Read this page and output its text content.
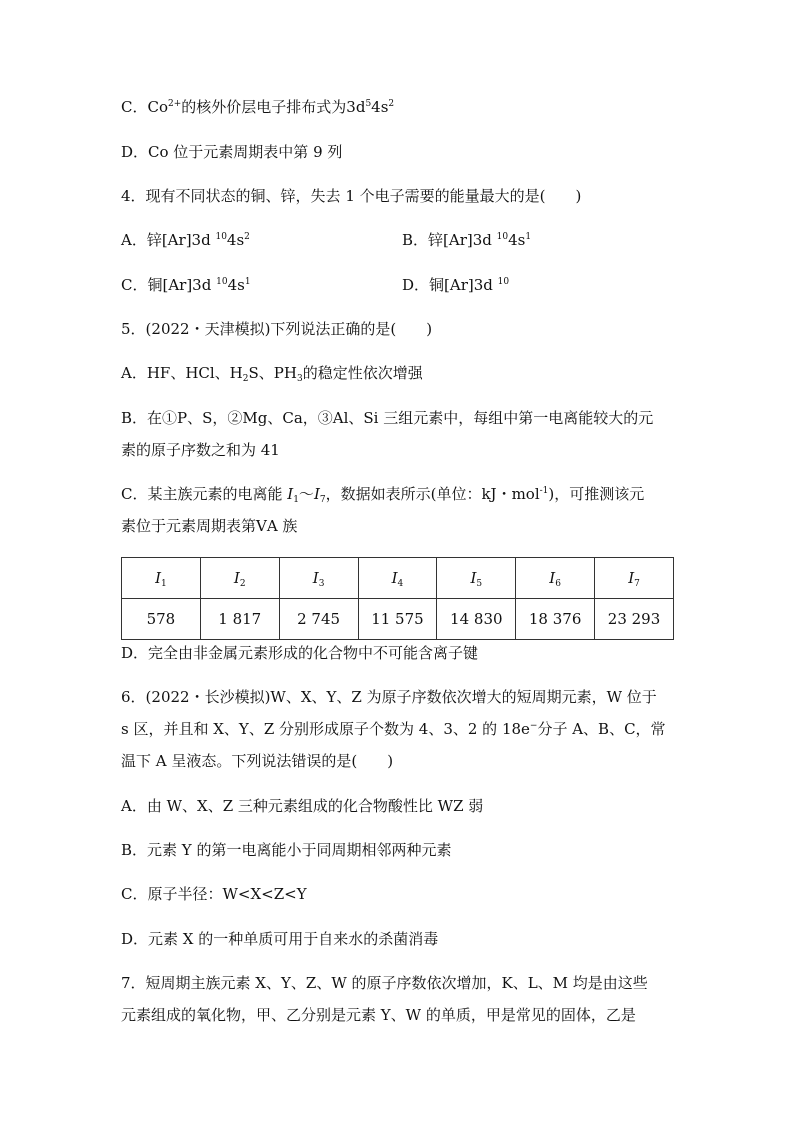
C．$Co^{2+}$的核外价层电子排布式为$3d^54s^2$
D．Co 位于元素周期表中第 9 列
4．现有不同状态的铜、锌，失去 1 个电子需要的能量最大的是(　　)
A．锌[Ar]3d $^{10}4s^2$	B．锌[Ar]3d $^{10}4s^1$
C．铜[Ar]3d $^{10}4s^1$	D．铜[Ar]3d $^{10}$
5．(2022・天津模拟)下列说法正确的是(　　)
A．HF、HCl、$H_2S$、$PH_3$的稳定性依次增强
B．在①P、S，②Mg、Ca，③Al、Si 三组元素中，每组中第一电离能较大的元
素的原子序数之和为 41
C．某主族元素的电离能 $I_1\sim I_7$，数据如表所示(单位：kJ・mol$^{-1}$)，可推测该元
素位于元素周期表第ⅤA 族
$I_1$	$I_2$	$I_3$	$I_4$	$I_5$	$I_6$	$I_7$
578	1 817	2 745	11 575	14 830	18 376	23 293
D．完全由非金属元素形成的化合物中不可能含离子键
6．(2022・长沙模拟)W、X、Y、Z 为原子序数依次增大的短周期元素，W 位于
s 区，并且和 X、Y、Z 分别形成原子个数为 4、3、2 的 18e−分子 A、B、C，常
温下 A 呈液态。下列说法错误的是(　　)
A．由 W、X、Z 三种元素组成的化合物酸性比 WZ 弱
B．元素 Y 的第一电离能小于同周期相邻两种元素
C．原子半径：W<X<Z<Y
D．元素 X 的一种单质可用于自来水的杀菌消毒
7．短周期主族元素 X、Y、Z、W 的原子序数依次增加，K、L、M 均是由这些
元素组成的氧化物，甲、乙分别是元素 Y、W 的单质，甲是常见的固体，乙是
